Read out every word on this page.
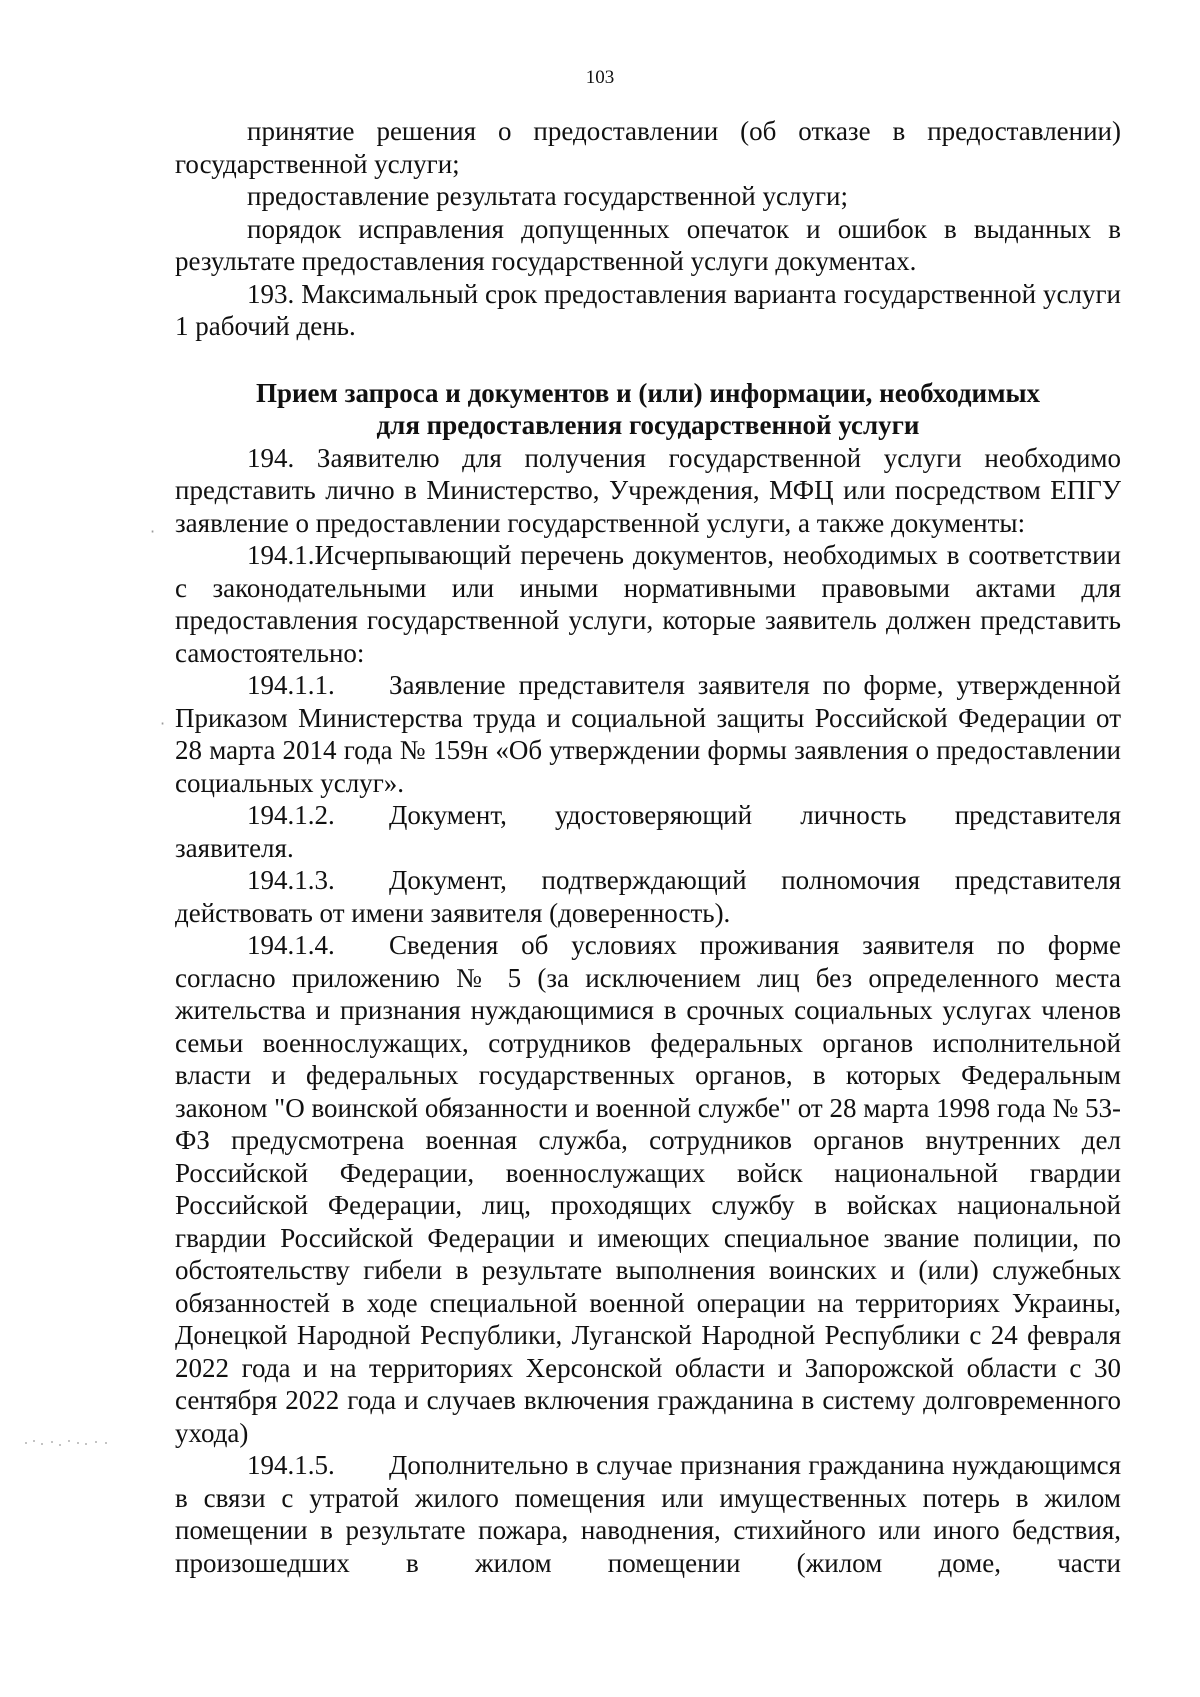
103

принятие решения о предоставлении (об отказе в предоставлении) государственной услуги;

предоставление результата государственной услуги;

порядок исправления допущенных опечаток и ошибок в выданных в результате предоставления государственной услуги документах.

193. Максимальный срок предоставления варианта государственной услуги 1 рабочий день.

Прием запроса и документов и (или) информации, необходимых

для предоставления государственной услуги

194. Заявителю для получения государственной услуги необходимо представить лично в Министерство, Учреждения, МФЦ или посредством ЕПГУ заявление о предоставлении государственной услуги, а также документы:

194.1.Исчерпывающий перечень документов, необходимых в соответствии с законодательными или иными нормативными правовыми актами для предоставления государственной услуги, которые заявитель должен представить самостоятельно:

194.1.1. Заявление представителя заявителя по форме, утвержденной Приказом Министерства труда и социальной защиты Российской Федерации от 28 марта 2014 года № 159н «Об утверждении формы заявления о предоставлении социальных услуг».

194.1.2. Документ, удостоверяющий личность представителя заявителя.

194.1.3. Документ, подтверждающий полномочия представителя действовать от имени заявителя (доверенность).

194.1.4. Сведения об условиях проживания заявителя по форме согласно приложению № 5 (за исключением лиц без определенного места жительства и признания нуждающимися в срочных социальных услугах членов семьи военнослужащих, сотрудников федеральных органов исполнительной власти и федеральных государственных органов, в которых Федеральным законом "О воинской обязанности и военной службе" от 28 марта 1998 года № 53-ФЗ предусмотрена военная служба, сотрудников органов внутренних дел Российской Федерации, военнослужащих войск национальной гвардии Российской Федерации, лиц, проходящих службу в войсках национальной гвардии Российской Федерации и имеющих специальное звание полиции, по обстоятельству гибели в результате выполнения воинских и (или) служебных обязанностей в ходе специальной военной операции на территориях Украины, Донецкой Народной Республики, Луганской Народной Республики с 24 февраля 2022 года и на территориях Херсонской области и Запорожской области с 30 сентября 2022 года и случаев включения гражданина в систему долговременного ухода)

194.1.5. Дополнительно в случае признания гражданина нуждающимся в связи с утратой жилого помещения или имущественных потерь в жилом помещении в результате пожара, наводнения, стихийного или иного бедствия, произошедших в жилом помещении (жилом доме, части

·
·
